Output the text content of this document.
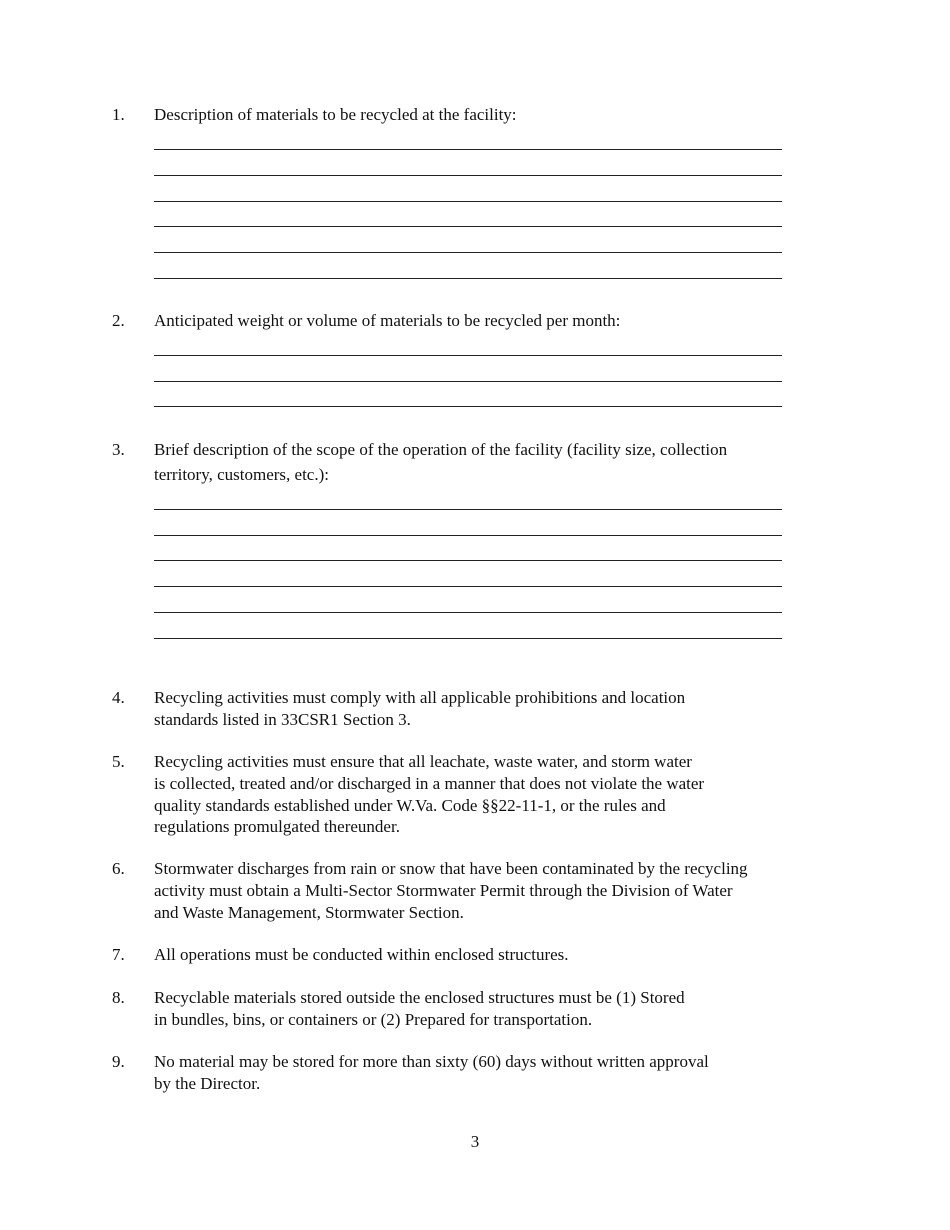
1. Description of materials to be recycled at the facility:
2. Anticipated weight or volume of materials to be recycled per month:
3. Brief description of the scope of the operation of the facility (facility size, collection
territory, customers, etc.):
4. Recycling activities must comply with all applicable prohibitions and location
standards listed in 33CSR1 Section 3.
5. Recycling activities must ensure that all leachate, waste water, and storm water
is collected, treated and/or discharged in a manner that does not violate the water
quality standards established under W.Va. Code §§22-11-1, or the rules and
regulations promulgated thereunder.
6. Stormwater discharges from rain or snow that have been contaminated by the recycling
activity must obtain a Multi-Sector Stormwater Permit through the Division of Water
and Waste Management, Stormwater Section.
7. All operations must be conducted within enclosed structures.
8. Recyclable materials stored outside the enclosed structures must be (1) Stored
in bundles, bins, or containers or (2) Prepared for transportation.
9. No material may be stored for more than sixty (60) days without written approval
by the Director.
3
